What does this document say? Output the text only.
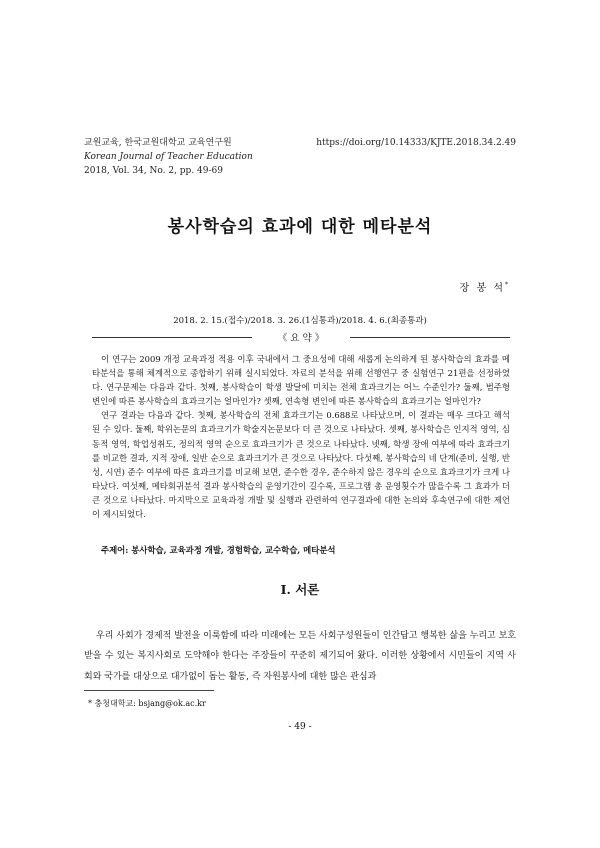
교원교육, 한국교원대학교 교육연구원
Korean Journal of Teacher Education
2018, Vol. 34, No. 2, pp. 49-69
https://doi.org/10.14333/KJTE.2018.34.2.49
봉사학습의 효과에 대한 메타분석
장 봉 석*
2018. 2. 15.(접수)/2018. 3. 26.(1심통과)/2018. 4. 6.(최종통과)
《 요 약 》

이 연구는 2009 개정 교육과정 적용 이후 국내에서 그 중요성에 대해 새롭게 논의하게 된 봉사학습의 효과를 메타분석을 통해 체계적으로 종합하기 위해 실시되었다. 자료의 분석을 위해 선행연구 중 실험연구 21편을 선정하였다. 연구문제는 다음과 같다. 첫째, 봉사학습이 학생 발달에 미치는 전체 효과크기는 어느 수준인가? 둘째, 범주형 변인에 따른 봉사학습의 효과크기는 얼마인가? 셋째, 연속형 변인에 따른 봉사학습의 효과크기는 얼마인가?

연구 결과는 다음과 같다. 첫째, 봉사학습의 전체 효과크기는 0.688로 나타났으며, 이 결과는 매우 크다고 해석된 수 있다. 둘째, 학위논문의 효과크기가 학술지논문보다 더 큰 것으로 나타났다. 셋째, 봉사학습은 인지적 영역, 심동적 영역, 학업성취도, 정의적 영역 순으로 효과크기가 큰 것으로 나타났다. 넷째, 학생 장애 여부에 따라 효과크기를 비교한 결과, 지적 장애, 일반 순으로 효과크기가 큰 것으로 나타났다. 다섯째, 봉사학습의 네 단계(준비, 실행, 반성, 시연) 준수 여부에 따른 효과크기를 비교해 보면, 준수한 경우, 준수하지 않은 경우의 순으로 효과크기가 크게 나타났다. 여섯째, 메타회귀분석 결과 봉사학습의 운영기간이 길수록, 프로그램 총 운영횟수가 많을수록 그 효과가 더 큰 것으로 나타났다. 마지막으로 교육과정 개발 및 실행과 관련하여 연구결과에 대한 논의와 후속연구에 대한 제언이 제시되었다.

주제어: 봉사학습, 교육과정 개발, 경험학습, 교수학습, 메타분석
Ⅰ. 서론

우리 사회가 경제적 발전을 이룩함에 따라 미래에는 모든 사회구성원들이 인간답고 행복한 삶을 누리고 보호받을 수 있는 복지사회로 도약해야 한다는 주장들이 꾸준히 제기되어 왔다. 이러한 상황에서 시민들이 지역 사회와 국가를 대상으로 대가없이 돕는 활동, 즉 자원봉사에 대한 많은 관심과

* 충청대학교: bsjang@ok.ac.kr
- 49 -
